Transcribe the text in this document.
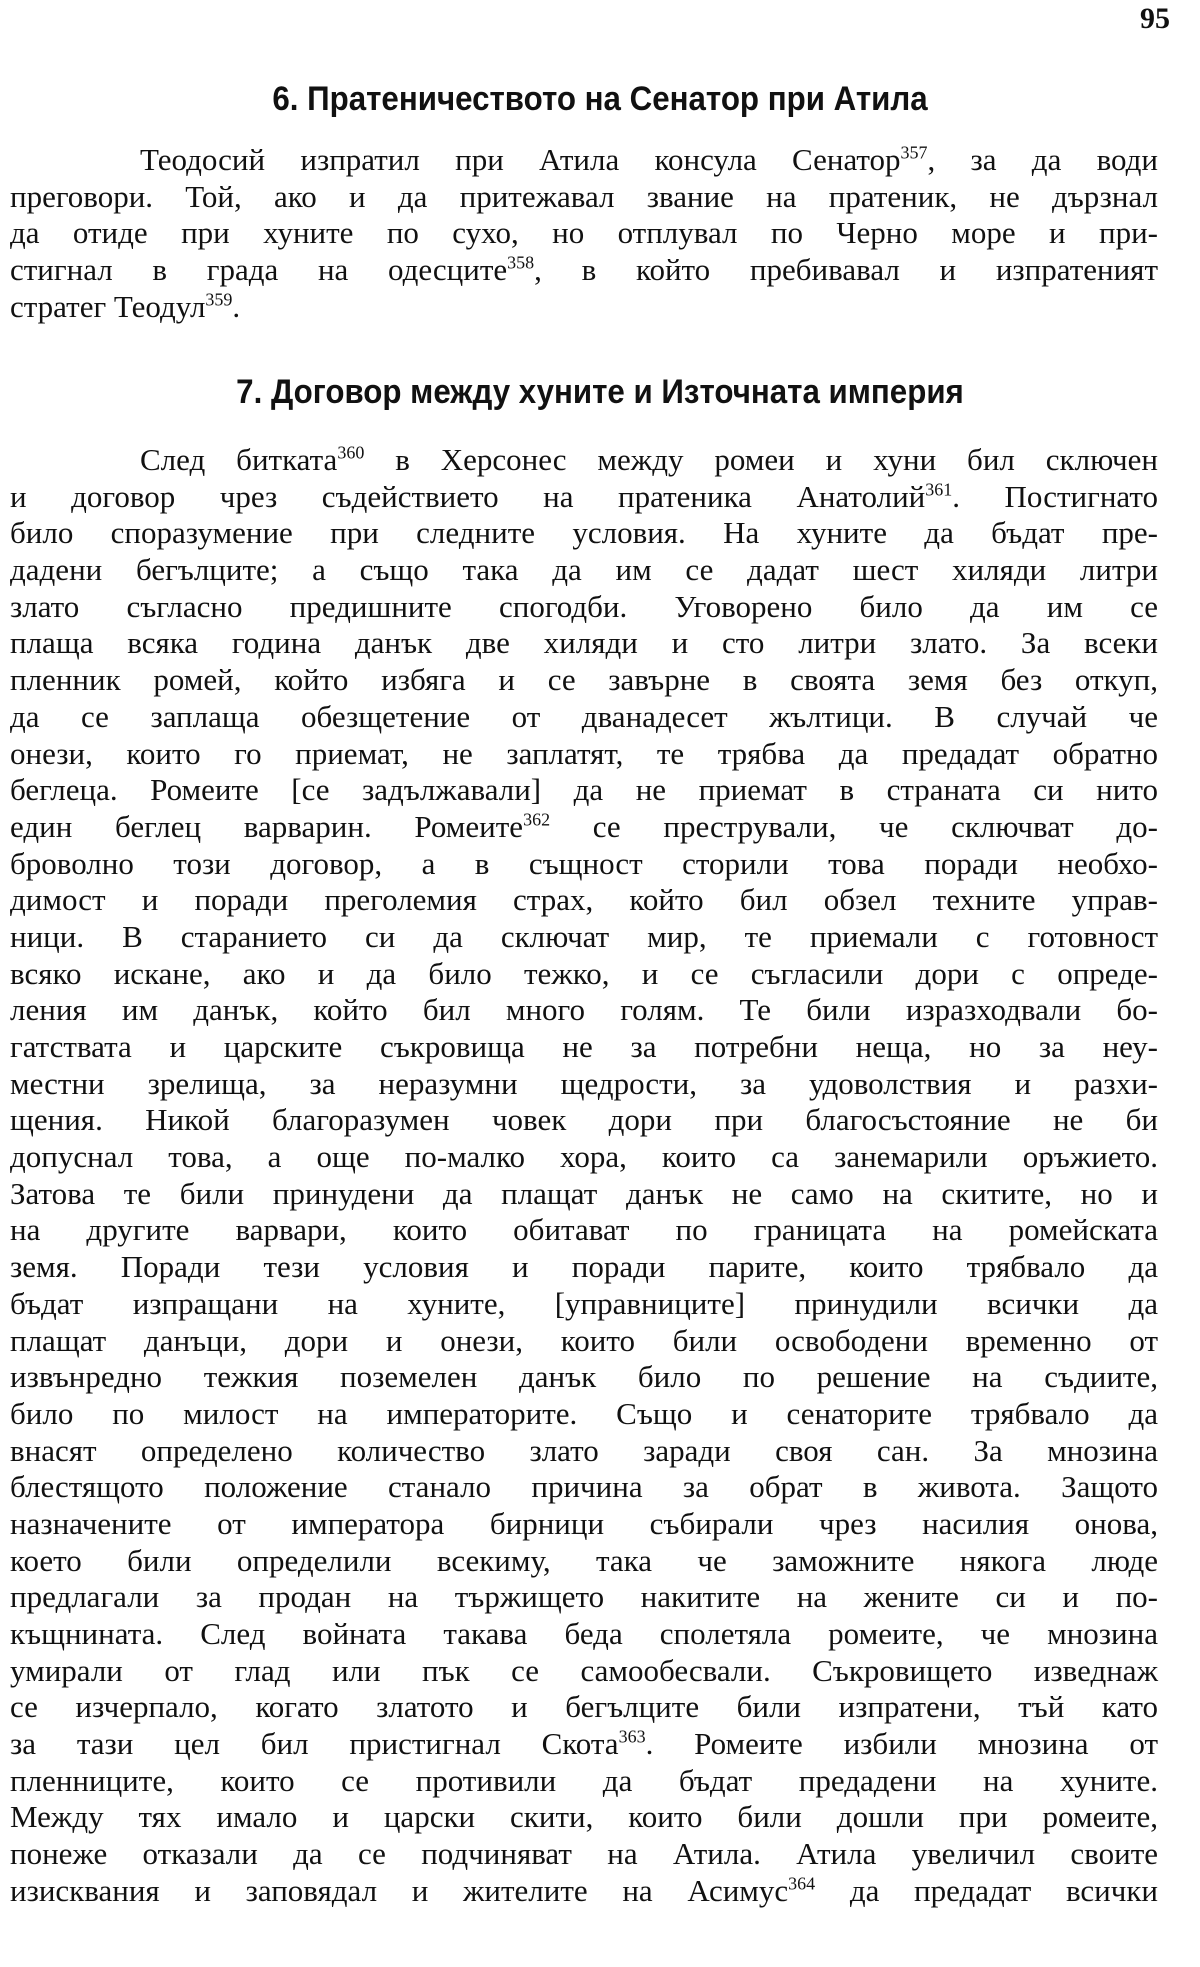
95
6. Пратеничеството на Сенатор при Атила
Теодосий изпратил при Атила консула Сенатор$^{357}$, за да води
преговори. Той, ако и да притежавал звание на пратеник, не дързнал
да отиде при хуните по сухо, но отплувал по Черно море и при-
стигнал в града на одесците$^{358}$, в който пребивавал и изпратеният
стратег Теодул$^{359}$.
7. Договор между хуните и Източната империя
След битката$^{360}$ в Херсонес между ромеи и хуни бил сключен
и договор чрез съдействието на пратеника Анатолий$^{361}$. Постигнато
било споразумение при следните условия. На хуните да бъдат пре-
дадени бегълците; а също така да им се дадат шест хиляди литри
злато съгласно предишните спогодби. Уговорено било да им се
плаща всяка година данък две хиляди и сто литри злато. За всеки
пленник ромей, който избяга и се завърне в своята земя без откуп,
да се заплаща обезщетение от дванадесет жълтици. В случай че
онези, които го приемат, не заплатят, те трябва да предадат обратно
беглеца. Ромеите [се задължавали] да не приемат в страната си нито
един беглец варварин. Ромеите$^{362}$ се престрували, че сключват до-
броволно този договор, а в същност сторили това поради необхо-
димост и поради преголемия страх, който бил обзел техните управ-
ници. В старанието си да сключат мир, те приемали с готовност
всяко искане, ако и да било тежко, и се съгласили дори с опреде-
ления им данък, който бил много голям. Те били изразходвали бо-
гатствата и царските съкровища не за потребни неща, но за неу-
местни зрелища, за неразумни щедрости, за удоволствия и разхи-
щения. Никой благоразумен човек дори при благосъстояние не би
допуснал това, а още по-малко хора, които са занемарили оръжието.
Затова те били принудени да плащат данък не само на скитите, но и
на другите варвари, които обитават по границата на ромейската
земя. Поради тези условия и поради парите, които трябвало да
бъдат изпращани на хуните, [управниците] принудили всички да
плащат данъци, дори и онези, които били освободени временно от
извънредно тежкия поземелен данък било по решение на съдиите,
било по милост на императорите. Също и сенаторите трябвало да
внасят определено количество злато заради своя сан. За мнозина
блестящото положение станало причина за обрат в живота. Защото
назначените от императора бирници събирали чрез насилия онова,
което били определили всекиму, така че заможните някога люде
предлагали за продан на тържището накитите на жените си и по-
къщнината. След войната такава беда сполетяла ромеите, че мнозина
умирали от глад или пък се самообесвали. Съкровището изведнаж
се изчерпало, когато златото и бегълците били изпратени, тъй като
за тази цел бил пристигнал Скота$^{363}$. Ромеите избили мнозина от
пленниците, които се противили да бъдат предадени на хуните.
Между тях имало и царски скити, които били дошли при ромеите,
понеже отказали да се подчиняват на Атила. Атила увеличил своите
изисквания и заповядал и жителите на Асимус$^{364}$ да предадат всички
